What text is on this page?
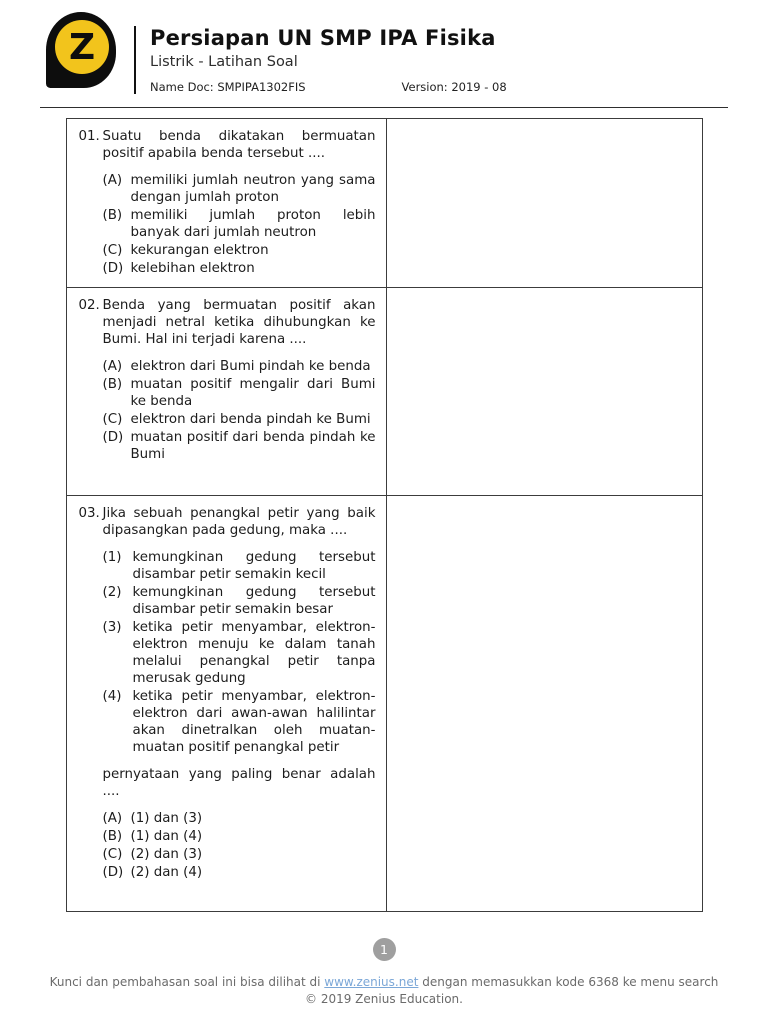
Z	Persiapan UN SMP IPA Fisika
Listrik - Latihan Soal
Name Doc: SMPIPA1302FIS	Version: 2019 - 08
01. Suatu benda dikatakan bermuatan positif apabila benda tersebut ....
(A) memiliki jumlah neutron yang sama dengan jumlah proton
(B) memiliki jumlah proton lebih banyak dari jumlah neutron
(C) kekurangan elektron
(D) kelebihan elektron
02. Benda yang bermuatan positif akan menjadi netral ketika dihubungkan ke Bumi. Hal ini terjadi karena ....
(A) elektron dari Bumi pindah ke benda
(B) muatan positif mengalir dari Bumi ke benda
(C) elektron dari benda pindah ke Bumi
(D) muatan positif dari benda pindah ke Bumi
03. Jika sebuah penangkal petir yang baik dipasangkan pada gedung, maka ....
(1) kemungkinan gedung tersebut disambar petir semakin kecil
(2) kemungkinan gedung tersebut disambar petir semakin besar
(3) ketika petir menyambar, elektron-elektron menuju ke dalam tanah melalui penangkal petir tanpa merusak gedung
(4) ketika petir menyambar, elektron-elektron dari awan-awan halilintar akan dinetralkan oleh muatan-muatan positif penangkal petir
pernyataan yang paling benar adalah ....
(A) (1) dan (3)
(B) (1) dan (4)
(C) (2) dan (3)
(D) (2) dan (4)
1
Kunci dan pembahasan soal ini bisa dilihat di www.zenius.net dengan memasukkan kode 6368 ke menu search
© 2019 Zenius Education.
